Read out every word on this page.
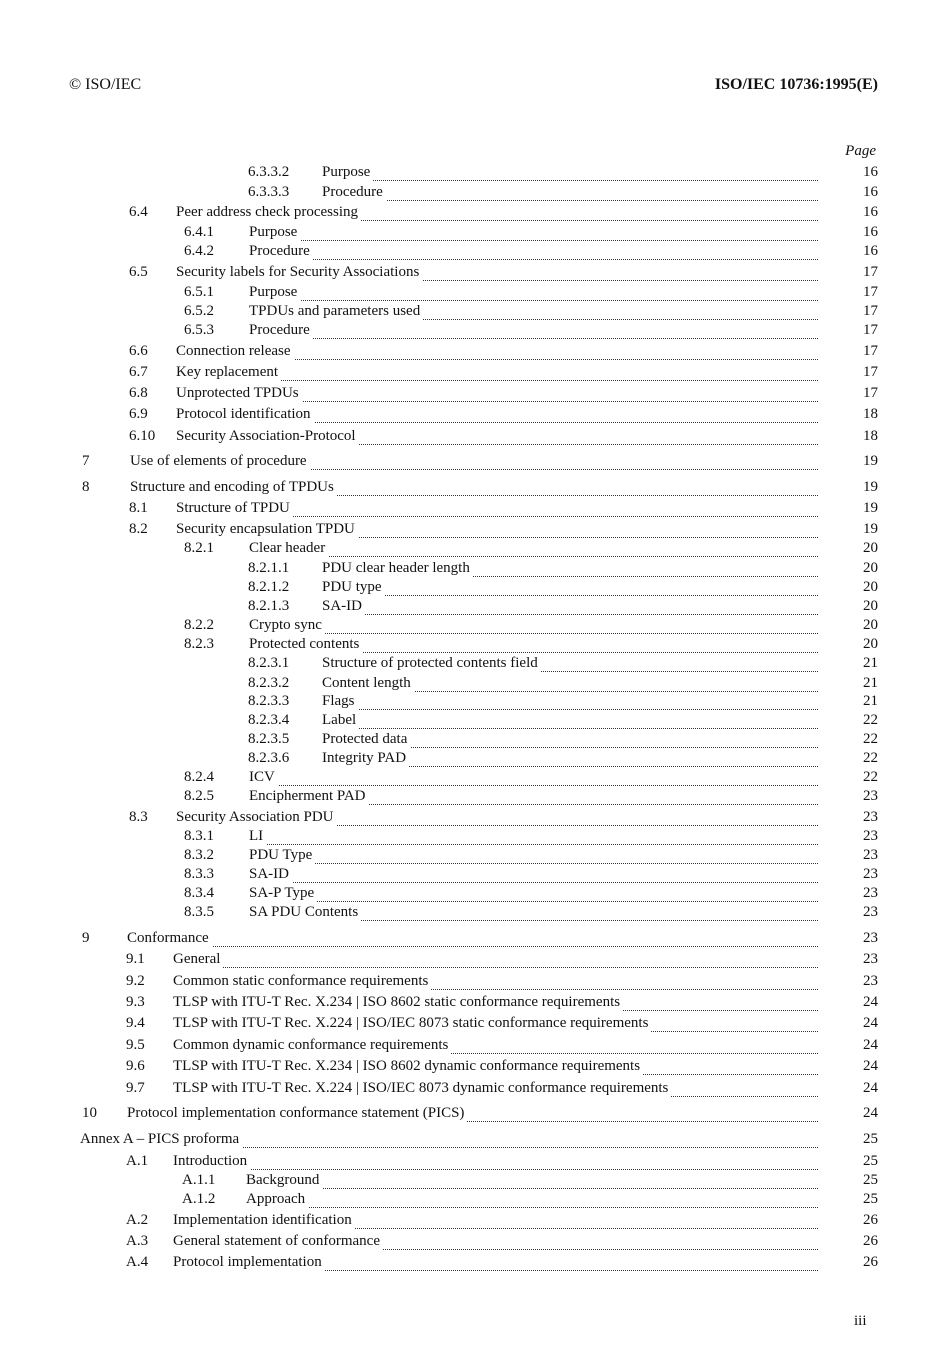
© ISO/IEC	ISO/IEC 10736:1995(E)
Page
6.3.3.2 Purpose	16
6.3.3.3 Procedure	16
6.4 Peer address check processing	16
6.4.1 Purpose	16
6.4.2 Procedure	16
6.5 Security labels for Security Associations	17
6.5.1 Purpose	17
6.5.2 TPDUs and parameters used	17
6.5.3 Procedure	17
6.6 Connection release	17
6.7 Key replacement	17
6.8 Unprotected TPDUs	17
6.9 Protocol identification	18
6.10 Security Association-Protocol	18
7	Use of elements of procedure	19
8	Structure and encoding of TPDUs	19
8.1 Structure of TPDU	19
8.2 Security encapsulation TPDU	19
8.2.1 Clear header	20
8.2.1.1 PDU clear header length	20
8.2.1.2 PDU type	20
8.2.1.3 SA-ID	20
8.2.2 Crypto sync	20
8.2.3 Protected contents	20
8.2.3.1 Structure of protected contents field	21
8.2.3.2 Content length	21
8.2.3.3 Flags	21
8.2.3.4 Label	22
8.2.3.5 Protected data	22
8.2.3.6 Integrity PAD	22
8.2.4 ICV	22
8.2.5 Encipherment PAD	23
8.3 Security Association PDU	23
8.3.1 LI	23
8.3.2 PDU Type	23
8.3.3 SA-ID	23
8.3.4 SA-P Type	23
8.3.5 SA PDU Contents	23
9	Conformance	23
9.1 General	23
9.2 Common static conformance requirements	23
9.3 TLSP with ITU-T Rec. X.234 | ISO 8602 static conformance requirements	24
9.4 TLSP with ITU-T Rec. X.224 | ISO/IEC 8073 static conformance requirements	24
9.5 Common dynamic conformance requirements	24
9.6 TLSP with ITU-T Rec. X.234 | ISO 8602 dynamic conformance requirements	24
9.7 TLSP with ITU-T Rec. X.224 | ISO/IEC 8073 dynamic conformance requirements	24
10 Protocol implementation conformance statement (PICS)	24
Annex A – PICS proforma	25
A.1 Introduction	25
A.1.1 Background	25
A.1.2 Approach	25
A.2 Implementation identification	26
A.3 General statement of conformance	26
A.4 Protocol implementation	26
iii
